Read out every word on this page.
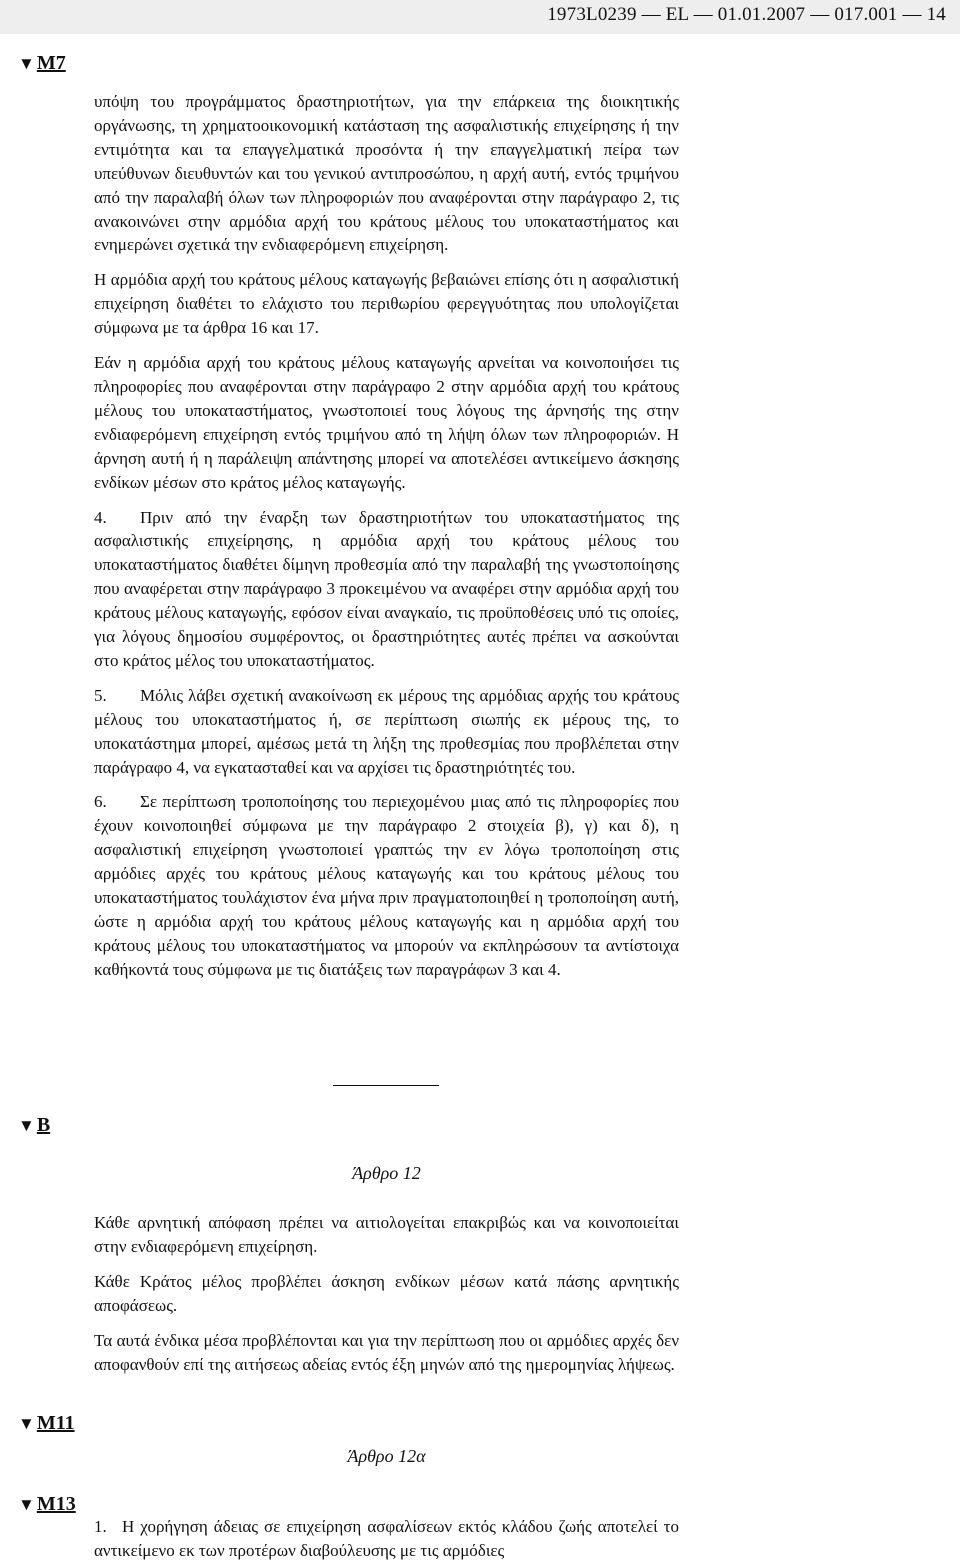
1973L0239 — EL — 01.01.2007 — 017.001 — 14
▼ M7
▼ B
▼ M11
▼ M13

υπόψη του προγράμματος δραστηριοτήτων, για την επάρκεια της διοικητικής οργάνωσης, τη χρηματοοικονομική κατάσταση της ασφαλιστικής επιχείρησης ή την εντιμότητα και τα επαγγελματικά προσόντα ή την επαγγελματική πείρα των υπεύθυνων διευθυντών και του γενικού αντιπροσώπου, η αρχή αυτή, εντός τριμήνου από την παραλαβή όλων των πληροφοριών που αναφέρονται στην παράγραφο 2, τις ανακοινώνει στην αρμόδια αρχή του κράτους μέλους του υποκαταστήματος και ενημερώνει σχετικά την ενδιαφερόμενη επιχείρηση.

Η αρμόδια αρχή του κράτους μέλους καταγωγής βεβαιώνει επίσης ότι η ασφαλιστική επιχείρηση διαθέτει το ελάχιστο του περιθωρίου φερεγγυότητας που υπολογίζεται σύμφωνα με τα άρθρα 16 και 17.

Εάν η αρμόδια αρχή του κράτους μέλους καταγωγής αρνείται να κοινοποιήσει τις πληροφορίες που αναφέρονται στην παράγραφο 2 στην αρμόδια αρχή του κράτους μέλους του υποκαταστήματος, γνωστοποιεί τους λόγους της άρνησής της στην ενδιαφερόμενη επιχείρηση εντός τριμήνου από τη λήψη όλων των πληροφοριών. Η άρνηση αυτή ή η παράλειψη απάντησης μπορεί να αποτελέσει αντικείμενο άσκησης ενδίκων μέσων στο κράτος μέλος καταγωγής.

4. Πριν από την έναρξη των δραστηριοτήτων του υποκαταστήματος της ασφαλιστικής επιχείρησης, η αρμόδια αρχή του κράτους μέλους του υποκαταστήματος διαθέτει δίμηνη προθεσμία από την παραλαβή της γνωστοποίησης που αναφέρεται στην παράγραφο 3 προκειμένου να αναφέρει στην αρμόδια αρχή του κράτους μέλους καταγωγής, εφόσον είναι αναγκαίο, τις προϋποθέσεις υπό τις οποίες, για λόγους δημοσίου συμφέροντος, οι δραστηριότητες αυτές πρέπει να ασκούνται στο κράτος μέλος του υποκαταστήματος.

5. Μόλις λάβει σχετική ανακοίνωση εκ μέρους της αρμόδιας αρχής του κράτους μέλους του υποκαταστήματος ή, σε περίπτωση σιωπής εκ μέρους της, το υποκατάστημα μπορεί, αμέσως μετά τη λήξη της προθεσμίας που προβλέπεται στην παράγραφο 4, να εγκατασταθεί και να αρχίσει τις δραστηριότητές του.

6. Σε περίπτωση τροποποίησης του περιεχομένου μιας από τις πληροφορίες που έχουν κοινοποιηθεί σύμφωνα με την παράγραφο 2 στοιχεία β), γ) και δ), η ασφαλιστική επιχείρηση γνωστοποιεί γραπτώς την εν λόγω τροποποίηση στις αρμόδιες αρχές του κράτους μέλους καταγωγής και του κράτους μέλους του υποκαταστήματος τουλάχιστον ένα μήνα πριν πραγματοποιηθεί η τροποποίηση αυτή, ώστε η αρμόδια αρχή του κράτους μέλους καταγωγής και η αρμόδια αρχή του κράτους μέλους του υποκαταστήματος να μπορούν να εκπληρώσουν τα αντίστοιχα καθήκοντά τους σύμφωνα με τις διατάξεις των παραγράφων 3 και 4.

Άρθρο 12

Κάθε αρνητική απόφαση πρέπει να αιτιολογείται επακριβώς και να κοινοποιείται στην ενδιαφερόμενη επιχείρηση.

Κάθε Κράτος μέλος προβλέπει άσκηση ενδίκων μέσων κατά πάσης αρνητικής αποφάσεως.

Τα αυτά ένδικα μέσα προβλέπονται και για την περίπτωση που οι αρμόδιες αρχές δεν αποφανθούν επί της αιτήσεως αδείας εντός έξη μηνών από της ημερομηνίας λήψεως.

Άρθρο 12α

1. Η χορήγηση άδειας σε επιχείρηση ασφαλίσεων εκτός κλάδου ζωής αποτελεί το αντικείμενο εκ των προτέρων διαβούλευσης με τις αρμόδιες
